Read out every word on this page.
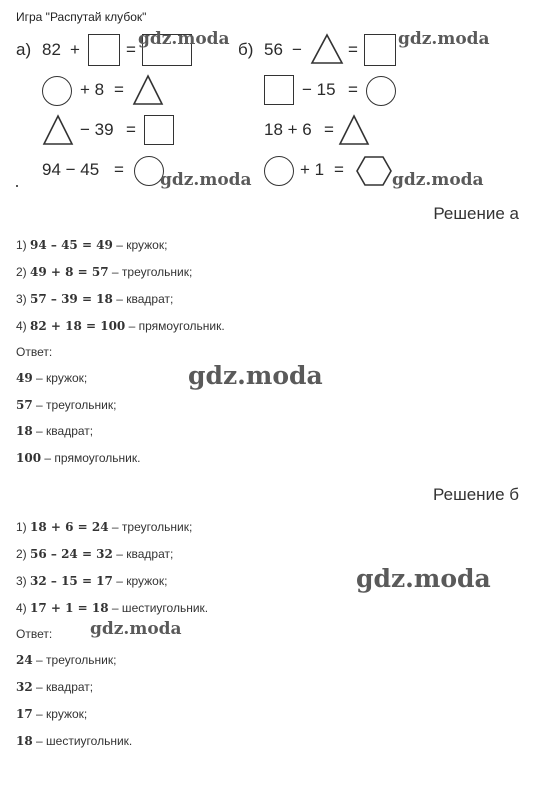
Игра "Распутай клубок"
а) 82 +	=	б) 56 −	=
+ 8 =	− 15 =
− 39 =	18 + 6 =
94 − 45 =	+ 1 =
gdz.moda	gdz.moda
gdz.moda	gdz.moda
gdz.moda
gdz.moda
gdz.moda
Решение а
1) 94 – 45 = 49 – кружок;
2) 49 + 8 = 57 – треугольник;
3) 57 – 39 = 18 – квадрат;
4) 82 + 18 = 100 – прямоугольник.
Ответ:
49 – кружок;
57 – треугольник;
18 – квадрат;
100 – прямоугольник.
Решение б
1) 18 + 6 = 24 – треугольник;
2) 56 – 24 = 32 – квадрат;
3) 32 – 15 = 17 – кружок;
4) 17 + 1 = 18 – шестиугольник.
Ответ:
24 – треугольник;
32 – квадрат;
17 – кружок;
18 – шестиугольник.
